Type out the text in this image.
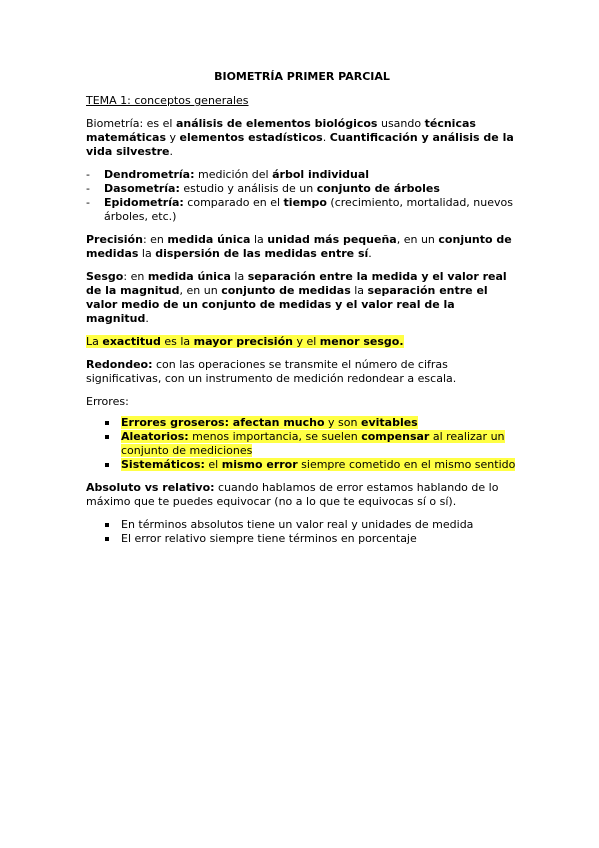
BIOMETRÍA PRIMER PARCIAL

TEMA 1: conceptos generales

Biometría: es el análisis de elementos biológicos usando técnicas matemáticas y elementos estadísticos. Cuantificación y análisis de la vida silvestre.

- Dendrometría: medición del árbol individual
- Dasometría: estudio y análisis de un conjunto de árboles
- Epidometría: comparado en el tiempo (crecimiento, mortalidad, nuevos árboles, etc.)

Precisión: en medida única la unidad más pequeña, en un conjunto de medidas la dispersión de las medidas entre sí.

Sesgo: en medida única la separación entre la medida y el valor real de la magnitud, en un conjunto de medidas la separación entre el valor medio de un conjunto de medidas y el valor real de la magnitud.

La exactitud es la mayor precisión y el menor sesgo.

Redondeo: con las operaciones se transmite el número de cifras significativas, con un instrumento de medición redondear a escala.

Errores:

Errores groseros: afectan mucho y son evitables
Aleatorios: menos importancia, se suelen compensar al realizar un conjunto de mediciones
Sistemáticos: el mismo error siempre cometido en el mismo sentido

Absoluto vs relativo: cuando hablamos de error estamos hablando de lo máximo que te puedes equivocar (no a lo que te equivocas sí o sí).

En términos absolutos tiene un valor real y unidades de medida
El error relativo siempre tiene términos en porcentaje
